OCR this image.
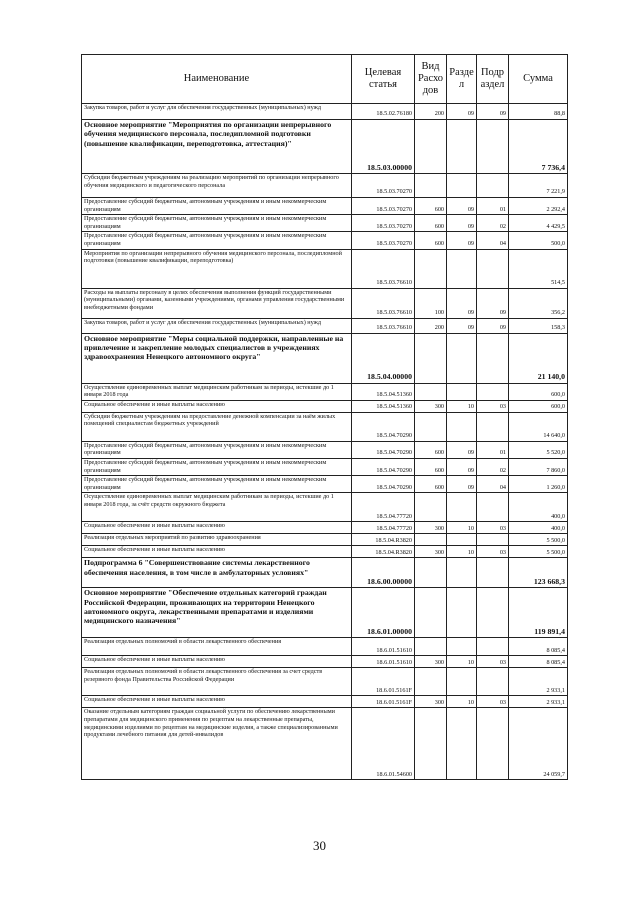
Наименование	Целевая статья	Вид Расхо дов	Разде л	Подр аздел	Сумма
Закупка товаров, работ и услуг для обеспечения государственных (муниципальных) нужд	18.5.02.76180	200	09	09	88,8
Основное мероприятие "Мероприятия по организации непрерывного обучения медицинского персонала, последипломной подготовки (повышение квалификации, переподготовка, аттестация)"	18.5.03.00000				7 736,4
Субсидии бюджетным учреждениям на реализацию мероприятий по организации непрерывного обучения медицинского и педагогического персонала	18.5.03.70270				7 221,9
Предоставление субсидий бюджетным, автономным учреждениям и иным некоммерческим организациям	18.5.03.70270	600	09	01	2 292,4
Предоставление субсидий бюджетным, автономным учреждениям и иным некоммерческим организациям	18.5.03.70270	600	09	02	4 429,5
Предоставление субсидий бюджетным, автономным учреждениям и иным некоммерческим организациям	18.5.03.70270	600	09	04	500,0
Мероприятия по организации непрерывного обучения медицинского персонала, последипломной подготовки (повышение квалификации, переподготовка)	18.5.03.76610				514,5
Расходы на выплаты персоналу в целях обеспечения выполнения функций государственными (муниципальными) органами, казенными учреждениями, органами управления государственными внебюджетными фондами	18.5.03.76610	100	09	09	356,2
Закупка товаров, работ и услуг для обеспечения государственных (муниципальных) нужд	18.5.03.76610	200	09	09	158,3
Основное мероприятие "Меры социальной поддержки, направленные на привлечение и закрепление молодых специалистов в учреждениях здравоохранения Ненецкого автономного округа"	18.5.04.00000				21 140,0
Осуществление единовременных выплат медицинским работникам за периоды, истекшие до 1 января 2018 года	18.5.04.51360				600,0
Социальное обеспечение и иные выплаты населению	18.5.04.51360	300	10	03	600,0
Субсидии бюджетным учреждениям на предоставление денежной компенсации за наём жилых помещений специалистам бюджетных учреждений	18.5.04.70290				14 640,0
Предоставление субсидий бюджетным, автономным учреждениям и иным некоммерческим организациям	18.5.04.70290	600	09	01	5 520,0
Предоставление субсидий бюджетным, автономным учреждениям и иным некоммерческим организациям	18.5.04.70290	600	09	02	7 860,0
Предоставление субсидий бюджетным, автономным учреждениям и иным некоммерческим организациям	18.5.04.70290	600	09	04	1 260,0
Осуществление единовременных выплат медицинским работникам за периоды, истекшие до 1 января 2018 года, за счёт средств окружного бюджета	18.5.04.77720				400,0
Социальное обеспечение и иные выплаты населению	18.5.04.77720	300	10	03	400,0
Реализация отдельных мероприятий по развитию здравоохранения	18.5.04.R3820				5 500,0
Социальное обеспечение и иные выплаты населению	18.5.04.R3820	300	10	03	5 500,0
Подпрограмма 6 "Совершенствование системы лекарственного обеспечения населения, в том числе в амбулаторных условиях"	18.6.00.00000				123 668,3
Основное мероприятие "Обеспечение отдельных категорий граждан Российской Федерации, проживающих на территории Ненецкого автономного округа, лекарственными препаратами и изделиями медицинского назначения"	18.6.01.00000				119 891,4
Реализация отдельных полномочий в области лекарственного обеспечения	18.6.01.51610				8 085,4
Социальное обеспечение и иные выплаты населению	18.6.01.51610	300	10	03	8 085,4
Реализация отдельных полномочий в области лекарственного обеспечения за счет средств резервного фонда Правительства Российской Федерации	18.6.01.5161F				2 933,1
Социальное обеспечение и иные выплаты населению	18.6.01.5161F	300	10	03	2 933,1
Оказание отдельным категориям граждан социальной услуги по обеспечению лекарственными препаратами для медицинского применения по рецептам на лекарственные препараты, медицинскими изделиями по рецептам на медицинские изделия, а также специализированными продуктами лечебного питания для детей-инвалидов	18.6.01.54600				24 059,7
30
